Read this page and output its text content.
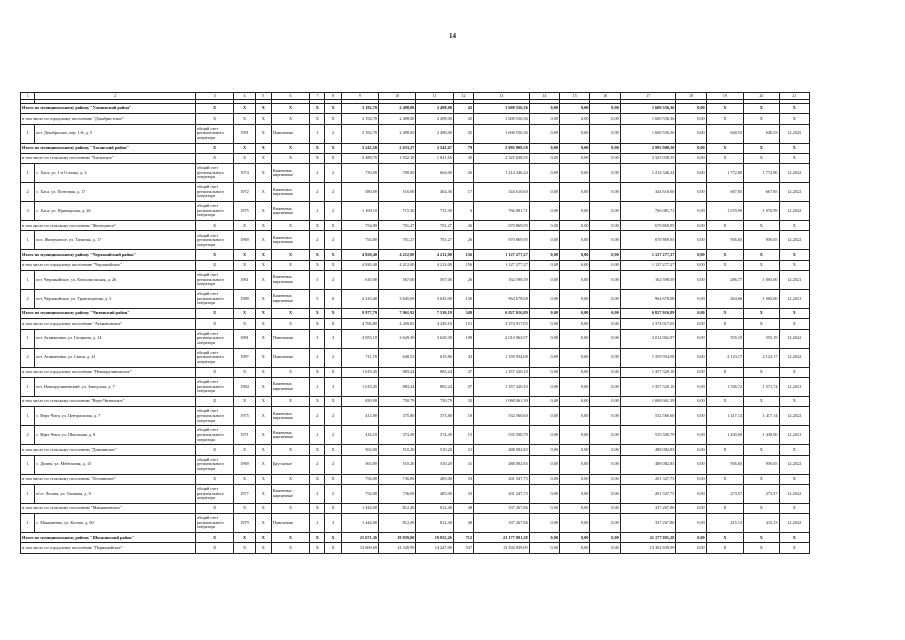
14
1	2	3	4	5	6	7	8	9	10	11	12	13	14	15	16	17	18	19	20	21

Итого по муниципальному району "Ульчинский район"		X	X	X	X	X	X	3 192,70	2 498,00	2 498,00	45	1 600 556,36	0,00	0,00	0,00	1 600 556,36	0,00	X	X	X
в том числе по городскому поселению "Декабристское"		X	X	X	X	X	X	3 192,70	2 498,00	2 498,00	45	1 600 556,36	0,00	0,00	0,00	1 600 556,36	0,00	X	X	X
1	пгт. Декабрьское, пер. 1-й, д. 5	общий счет регионального оператора	1991	X	Панельные	3	2	3 192,70	2 498,00	2 498,00	45	1 600 556,36	0,00	0,00	0,00	1 600 556,36	0,00	640,53	640,53	12.2025
Итого по муниципальному району "Хасанский район"		X	X	X	X	X	X	3 243,50	2 633,27	2 542,67	79	2 995 908,50	0,00	0,00	0,00	2 995 908,50	0,00	X	X	X
в том числе по сельскому поселению "Хасанское"		X	X	X	X	X	X	2 488,70	1 932,10	1 841,65	45	2 325 038,55	0,00	0,00	0,00	2 325 038,55	0,00	X	X	X
1	с. Хаса, ул. 1-я Ссылка, д. 3	общий счет регионального оператора	1974	X	Каменные, кирпичные	2	2	739,00	700,00	664,00	26	1 214 346,24	0,00	0,00	0,00	1 214 346,24	0,00	1 772,80	1 772,80	12.2022
2	с. Хаса, ул. Почтовая, д. 17	общий счет регионального оператора	1972	X	Каменные, кирпичные	2	2	580,00	516,00	462,36	17	344 610,60	0,00	0,00	0,00	344 610,60	0,00	667,85	667,85	12.2022
3	с. Хаса, ул. Приморская, д. 26	общий счет регионального оператора	1975	X	Каменные, кирпичные	2	2	1 169,10	715,30	715,30	6	766 081,71	0,00	0,00	0,00	766 081,71	0,00	1 070,99	1 070,99	12.2022
в том числе по сельскому поселению "Жемчужное"		X	X	X	X	X	X	754,80	701,27	701,27	26	670 869,95	0,00	0,00	0,00	670 869,95	0,00	X	X	X
1	пос. Жемчужное, ул. Таежная, д. 17	общий счет регионального оператора	1969	X	Каменные, кирпичные	2	2	754,80	701,27	701,27	26	670 869,95	0,00	0,00	0,00	670 869,95	0,00	956,65	956,65	12.2022
Итого по муниципальному району "Черлакайский район"		X	X	X	X	X	X	4 820,40	4 212,00	4 212,00	156	1 127 277,27	0,00	0,00	0,00	1 127 277,27	0,00	X	X	X
в том числе по городскому поселению "Черлакайское"		X	X	X	X	X	X	4 820,40	4 212,00	4 212,00	156	1 127 277,27	0,00	0,00	0,00	1 127 277,27	0,00	X	X	X
1	пгт. Черлакайское, ул. Комсомольская, д. 26	общий счет регионального оператора	1961	X	Каменные, кирпичные	3	2	610,00	567,00	567,00	26	162 598,59	0,00	0,00	0,00	162 598,59	0,00	286,77	1 065,00	12.2021
2	пгт. Черлакайское, ул. Транспортная, д. 3	общий счет регионального оператора	1980	X	Каменные, кирпичные	5	6	4 210,40	3 645,00	3 645,00	130	964 678,68	0,00	0,00	0,00	964 678,68	0,00	264,66	1 065,00	12.2021
Итого по муниципальному району "Читинский район"		X	X	X	X	X	X	9 977,79	7 961,92	7 530,19	349	6 827 016,89	0,00	0,00	0,00	6 827 016,89	0,00	X	X	X
в том числе по городскому поселению "Атамановское"		X	X	X	X	X	X	4 766,80	4 269,83	4 249,16	151	3 374 917,05	0,00	0,00	0,00	3 374 917,05	0,00	X	X	X
1	пгт. Атамановка, ул. Гагарина, д. 14	общий счет регионального оператора	1981	X	Панельные	3	3	4 055,10	3 629,30	3 629,30	108	2 014 962,97	0,00	0,00	0,00	2 014 962,97	0,00	555,19	555,19	12.2022
2	пгт. Атамановка, ул. Связи, д. 41	общий счет регионального оператора	1987	X	Панельные	2	2	711,70	640,53	619,86	43	1 359 954,08	0,00	0,00	0,00	1 359 954,08	0,00	2 123,17	2 123,17	12.2022
в том числе по городскому поселению "Новокручининское"		X	X	X	X	X	X	1 619,45	883,24	883,24	47	1 357 320,10	0,00	0,00	0,00	1 357 320,10	0,00	X	X	X
1	пгт. Новокручининский, ул. Заводская, д. 7	общий счет регионального оператора	1984	X	Каменные, кирпичные	2	3	1 619,45	883,24	883,24	47	1 357 320,10	0,00	0,00	0,00	1 357 320,10	0,00	1 536,72	1 571,74	12.2021
в том числе по сельскому поселению "Верх-Читинское"		X	X	X	X	X	X	829,90	750,79	750,79	33	1 068 061,39	0,00	0,00	0,00	1 068 061,39	0,00	X	X	X
1	с. Верх-Чита, ул. Центральная, д. 7	общий счет регионального оператора	1975	X	Каменные, кирпичные	2	2	413,80	375,80	375,80	18	532 560,60	0,00	0,00	0,00	532 560,60	0,00	1 417,14	1 417,14	12.2022
2	с. Верх-Чита, ул. Школьная, д. 8	общий счет регионального оператора	1971	X	Каменные, кирпичные	2	2	416,10	374,49	374,49	15	535 500,79	0,00	0,00	0,00	535 500,79	0,00	1 430,00	1 430,00	12.2021
в том числе по сельскому поселению "Домнинское"		X	X	X	X	X	X	563,00	510,20	510,20	31	488 082,83	0,00	0,00	0,00	488 082,83	0,00	X	X	X
1	с. Домна, ул. Мебельная, д. 15	общий счет регионального оператора	1969	X	Брусчатые	2	2	563,00	510,20	510,20	31	488 082,83	0,00	0,00	0,00	488 082,83	0,00	956,65	956,65	12.2022
в том числе по сельскому поселению "Леснинское"		X	X	X	X	X	X	754,00	736,06	485,00	33	201 347,75	0,00	0,00	0,00	201 347,75	0,00	X	X	X
1	п/ст. Лесная, ул. Таежная, д. 9	общий счет регионального оператора	1977	X	Каменные, кирпичные	2	2	754,00	736,00	485,00	33	201 347,75	0,00	0,00	0,00	201 347,75	0,00	273,57	273,57	12.2022
в том числе по сельскому поселению "Маккавеевское"		X	X	X	X	X	X	1 444,00	812,49	812,40	48	337 267,86	0,00	0,00	0,00	337 267,86	0,00	X	X	X
1	с. Маккавеево, ул. Котова, д. 60	общий счет регионального оператора	1979	X	Панельные	2	3	1 444,00	812,49	812,40	48	337 267,86	0,00	0,00	0,00	337 267,86	0,00	415,13	415,13	12.2022
Итого по муниципальному району "Шилкинский район"		X	X	X	X	X	X	21 671,36	19 839,00	19 852,26	712	21 177 091,28	0,00	0,00	0,00	21 177 091,28	0,00	X	X	X
в том числе по городскому поселению "Первомайское"		X	X	X	X	X	X	15 669,69	14 349,99	14 247,00	547	13 302 839,09	0,00	0,00	0,00	13 302 839,09	0,00	X	X	X
